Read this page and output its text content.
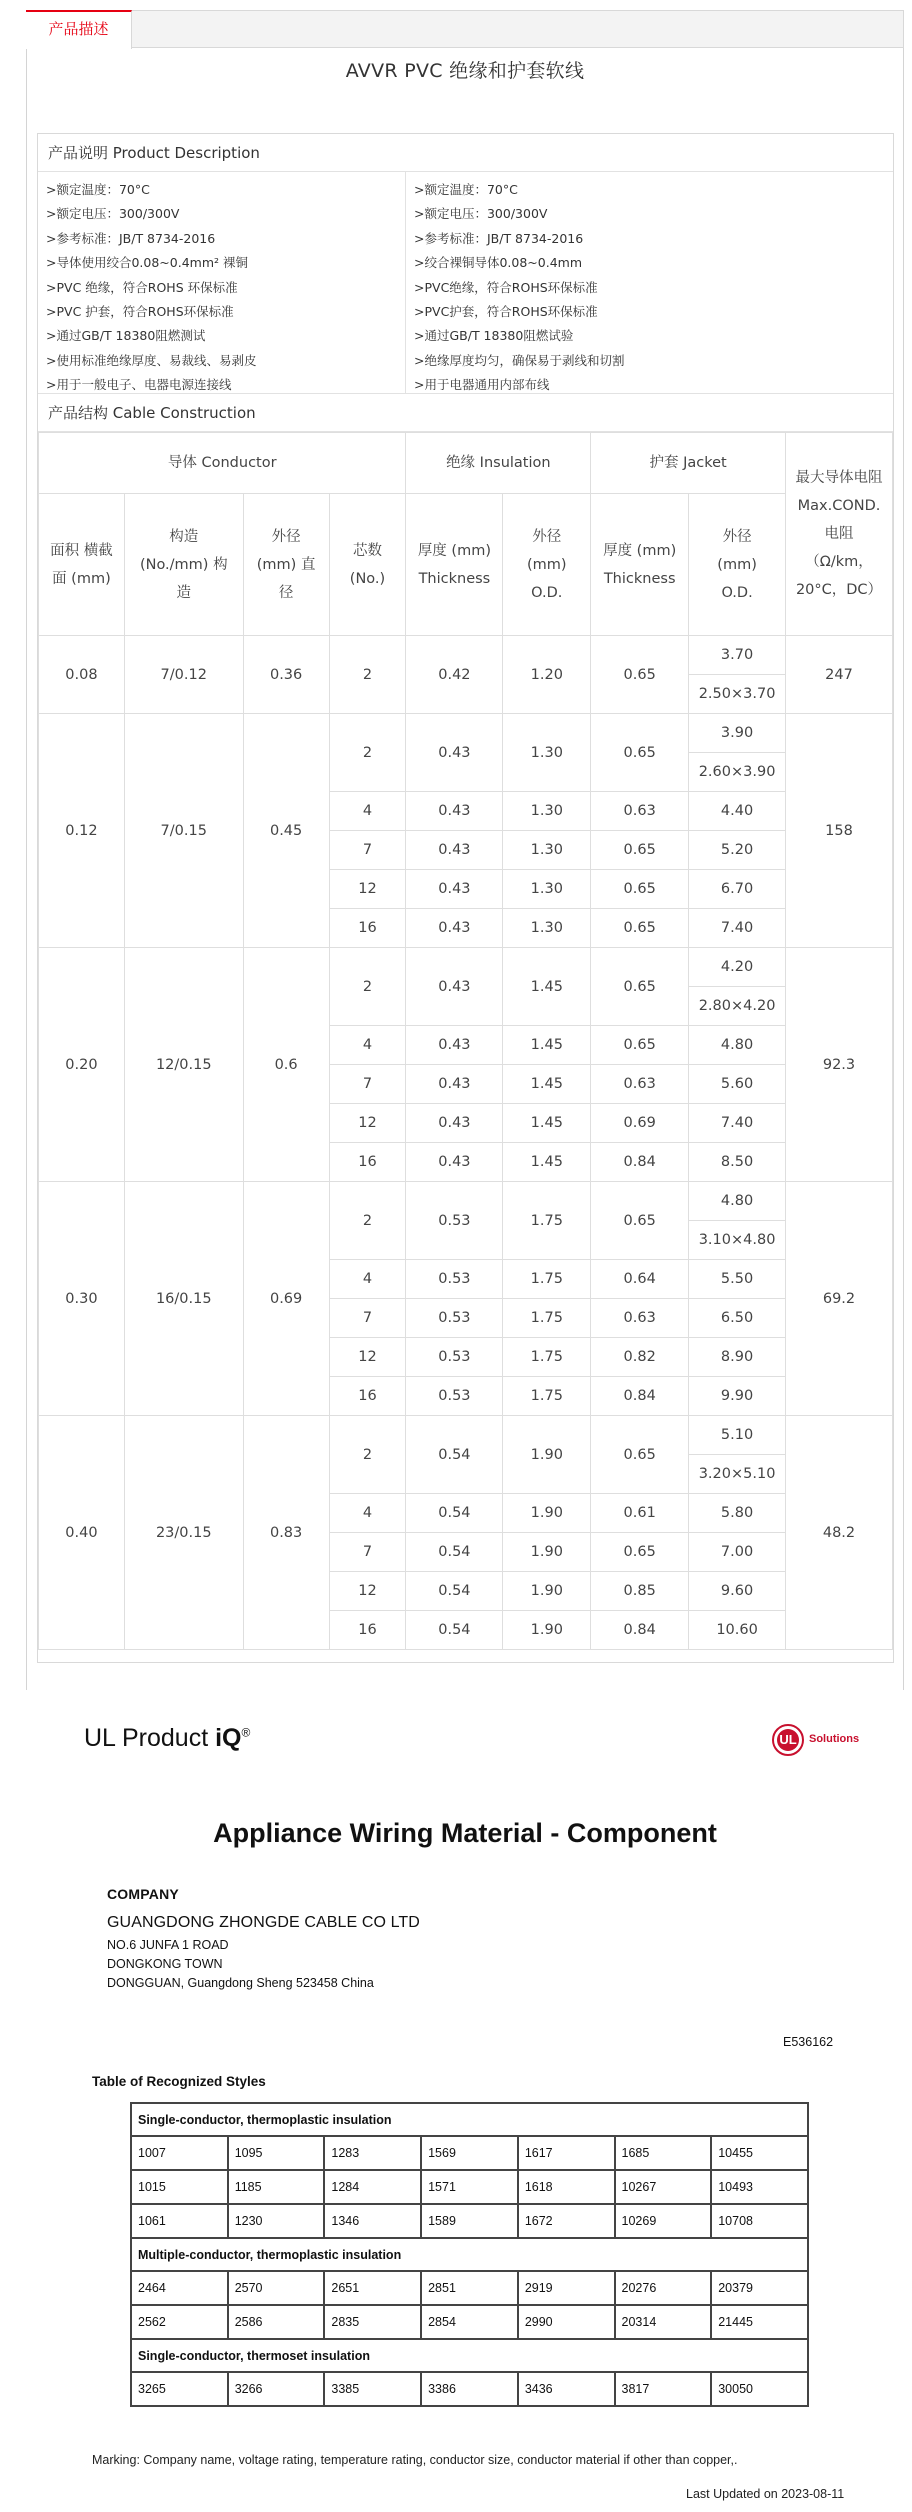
产品描述
AVVR PVC 绝缘和护套软线
产品说明 Product Description
>额定温度：70°C
>额定电压：300/300V
>参考标准：JB/T 8734-2016
>导体使用绞合0.08~0.4mm² 裸铜
>PVC 绝缘，符合ROHS 环保标准
>PVC 护套，符合ROHS环保标准
>通过GB/T 18380阻燃测试
>使用标准绝缘厚度、易裁线、易剥皮
>用于一般电子、电器电源连接线
>额定温度：70°C
>额定电压：300/300V
>参考标准：JB/T 8734-2016
>绞合裸铜导体0.08~0.4mm
>PVC绝缘，符合ROHS环保标准
>PVC护套，符合ROHS环保标准
>通过GB/T 18380阻燃试验
>绝缘厚度均匀，确保易于剥线和切割
>用于电器通用内部布线
产品结构 Cable Construction
导体 Conductor				绝缘 Insulation		护套 Jacket		最大导体电阻 Max.COND. 电阻（Ω/km，20°C，DC）
面积 横截面 (mm)	构造 (No./mm) 构造	外径 (mm) 直径	芯数 (No.)	厚度 (mm) Thickness	外径 (mm) O.D.	厚度 (mm) Thickness	外径 (mm) O.D.	
0.08	7/0.12	0.36	2	0.42	1.20	0.65	3.70	247
							2.50×3.70	
0.12	7/0.15	0.45	2	0.43	1.30	0.65	3.90	158
							2.60×3.90	
			4	0.43	1.30	0.63	4.40	
			7	0.43	1.30	0.65	5.20	
			12	0.43	1.30	0.65	6.70	
			16	0.43	1.30	0.65	7.40	
0.20	12/0.15	0.6	2	0.43	1.45	0.65	4.20	92.3
							2.80×4.20	
			4	0.43	1.45	0.65	4.80	
			7	0.43	1.45	0.63	5.60	
			12	0.43	1.45	0.69	7.40	
			16	0.43	1.45	0.84	8.50	
0.30	16/0.15	0.69	2	0.53	1.75	0.65	4.80	69.2
							3.10×4.80	
			4	0.53	1.75	0.64	5.50	
			7	0.53	1.75	0.63	6.50	
			12	0.53	1.75	0.82	8.90	
			16	0.53	1.75	0.84	9.90	
0.40	23/0.15	0.83	2	0.54	1.90	0.65	5.10	48.2
							3.20×5.10	
			4	0.54	1.90	0.61	5.80	
			7	0.54	1.90	0.65	7.00	
			12	0.54	1.90	0.85	9.60	
			16	0.54	1.90	0.84	10.60	
UL Product iQ®	UL Solutions
Appliance Wiring Material - Component
COMPANY
GUANGDONG ZHONGDE CABLE CO LTD
NO.6 JUNFA 1 ROAD
DONGKONG TOWN
DONGGUAN, Guangdong Sheng 523458 China
E536162
Table of Recognized Styles
Single-conductor, thermoplastic insulation						
1007	1095	1283	1569	1617	1685	10455
1015	1185	1284	1571	1618	10267	10493
1061	1230	1346	1589	1672	10269	10708
Multiple-conductor, thermoplastic insulation						
2464	2570	2651	2851	2919	20276	20379
2562	2586	2835	2854	2990	20314	21445
Single-conductor, thermoset insulation						
3265	3266	3385	3386	3436	3817	30050
Marking: Company name, voltage rating, temperature rating, conductor size, conductor material if other than copper,.
Last Updated on 2023-08-11
